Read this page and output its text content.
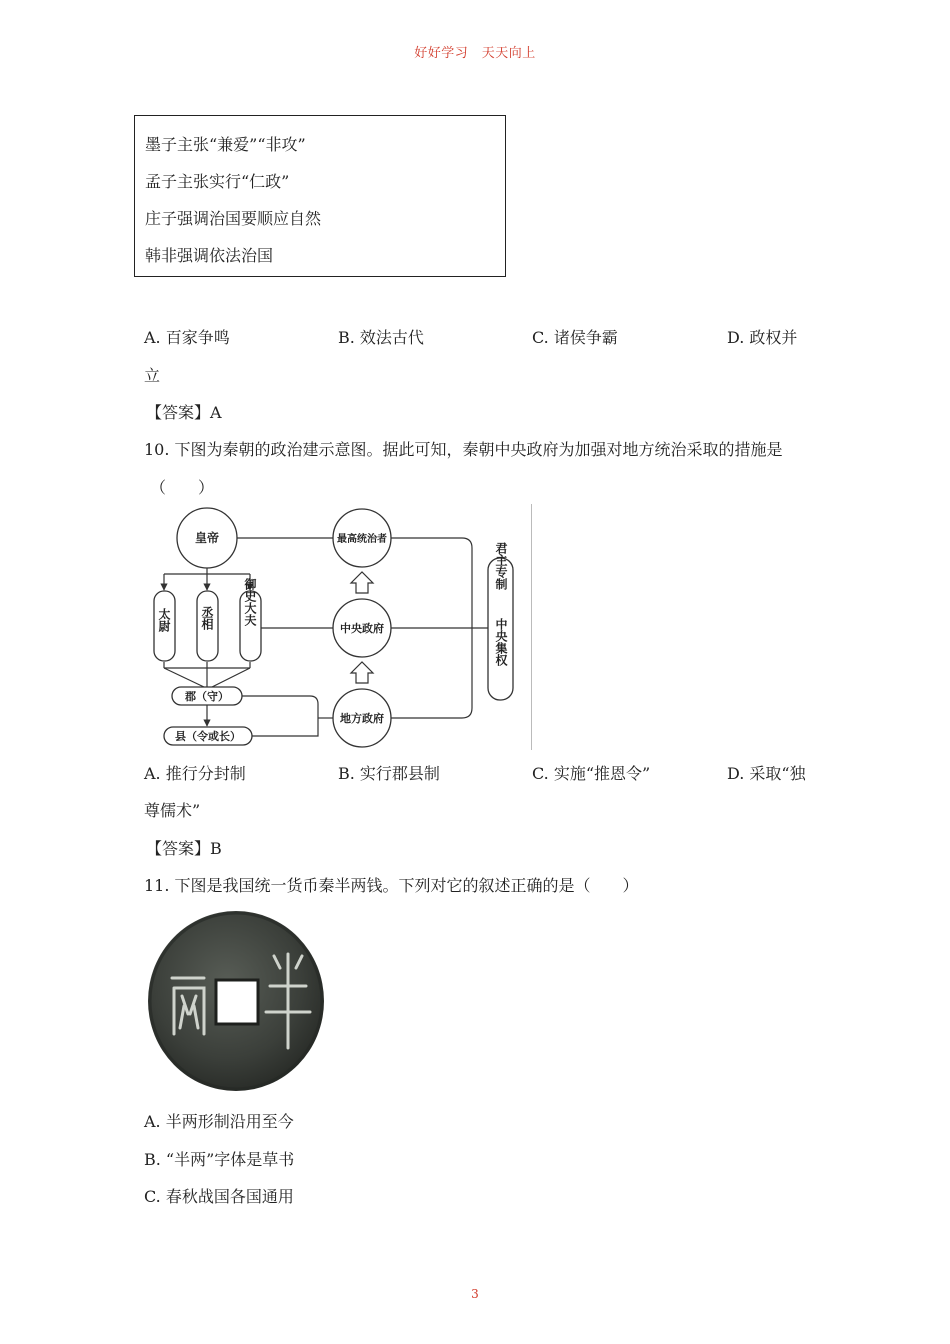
好好学习　天天向上
墨子主张“兼爱”“非攻”
孟子主张实行“仁政”
庄子强调治国要顺应自然
韩非强调依法治国
A. 百家争鸣	B. 效法古代	C. 诸侯争霸	D. 政权并
立
【答案】A
10. 下图为秦朝的政治建示意图。据此可知，秦朝中央政府为加强对地方统治采取的措施是
（　　）
皇帝	最高统治者
中央政府
地方政府
郡（守）
县（令或长）
太尉 丞相 御史大夫
君主专制
中央集权
A. 推行分封制	B. 实行郡县制	C. 实施“推恩令”	D. 采取“独
尊儒术”
【答案】B
11. 下图是我国统一货币秦半两钱。下列对它的叙述正确的是（　　）
A. 半两形制沿用至今
B. “半两”字体是草书
C. 春秋战国各国通用
3
